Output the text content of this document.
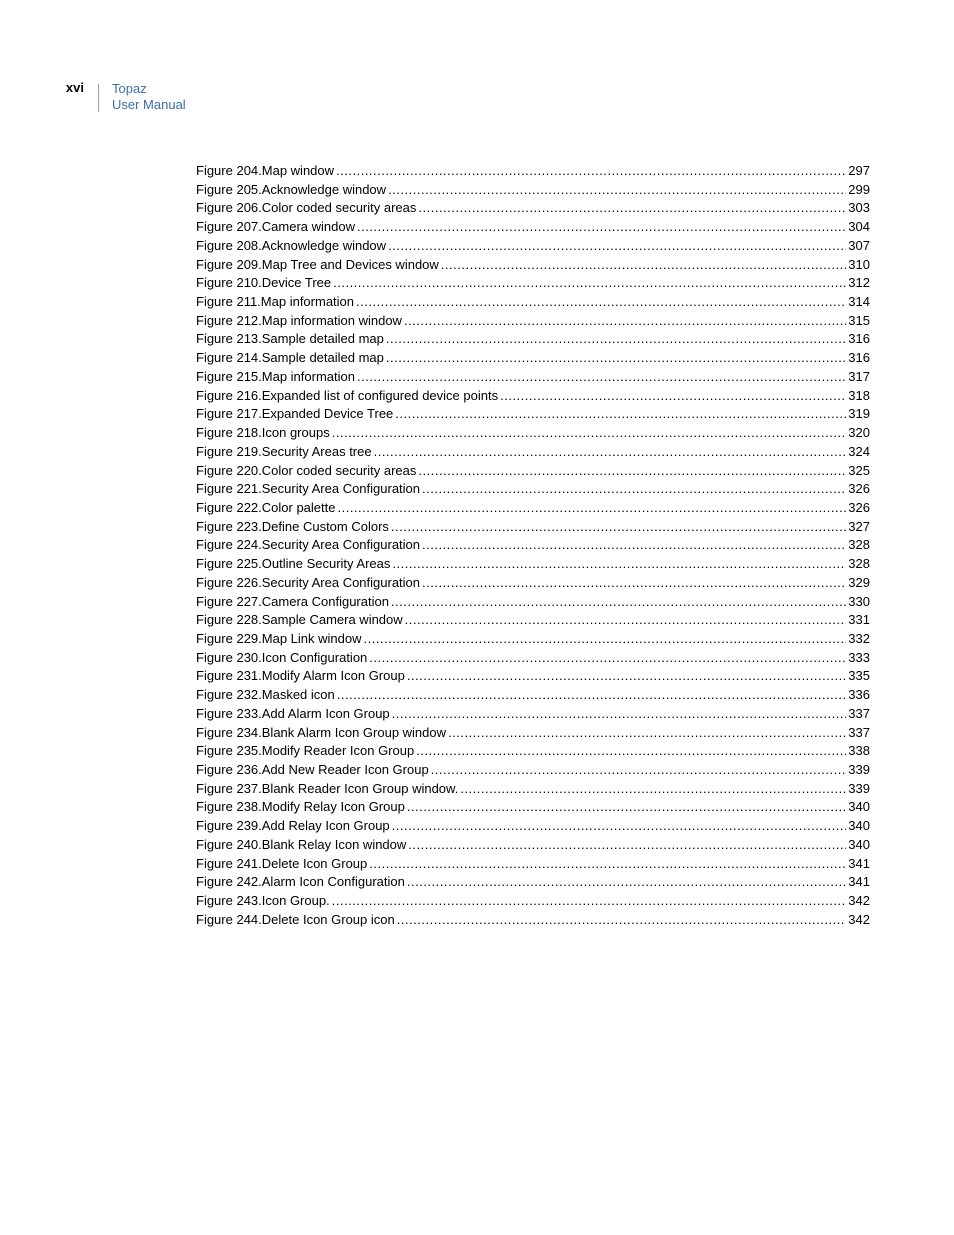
xvi Topaz
User Manual
Figure 204.Map window .....	297
Figure 205.Acknowledge window .....	299
Figure 206.Color coded security areas .....	303
Figure 207.Camera window .....	304
Figure 208.Acknowledge window .....	307
Figure 209.Map Tree and Devices window .....	310
Figure 210.Device Tree .....	312
Figure 211.Map information .....	314
Figure 212.Map information window .....	315
Figure 213.Sample detailed map .....	316
Figure 214.Sample detailed map .....	316
Figure 215.Map information .....	317
Figure 216.Expanded list of configured device points .....	318
Figure 217.Expanded Device Tree .....	319
Figure 218.Icon groups .....	320
Figure 219.Security Areas tree .....	324
Figure 220.Color coded security areas .....	325
Figure 221.Security Area Configuration .....	326
Figure 222.Color palette .....	326
Figure 223.Define Custom Colors .....	327
Figure 224.Security Area Configuration .....	328
Figure 225.Outline Security Areas .....	328
Figure 226.Security Area Configuration .....	329
Figure 227.Camera Configuration .....	330
Figure 228.Sample Camera window .....	331
Figure 229.Map Link window .....	332
Figure 230.Icon Configuration .....	333
Figure 231.Modify Alarm Icon Group .....	335
Figure 232.Masked icon .....	336
Figure 233.Add Alarm Icon Group .....	337
Figure 234.Blank Alarm Icon Group window .....	337
Figure 235.Modify Reader Icon Group .....	338
Figure 236.Add New Reader Icon Group .....	339
Figure 237.Blank Reader Icon Group window. .....	339
Figure 238.Modify Relay Icon Group .....	340
Figure 239.Add Relay Icon Group .....	340
Figure 240.Blank Relay Icon window .....	340
Figure 241.Delete Icon Group .....	341
Figure 242.Alarm Icon Configuration .....	341
Figure 243.Icon Group. .....	342
Figure 244.Delete Icon Group icon .....	342
